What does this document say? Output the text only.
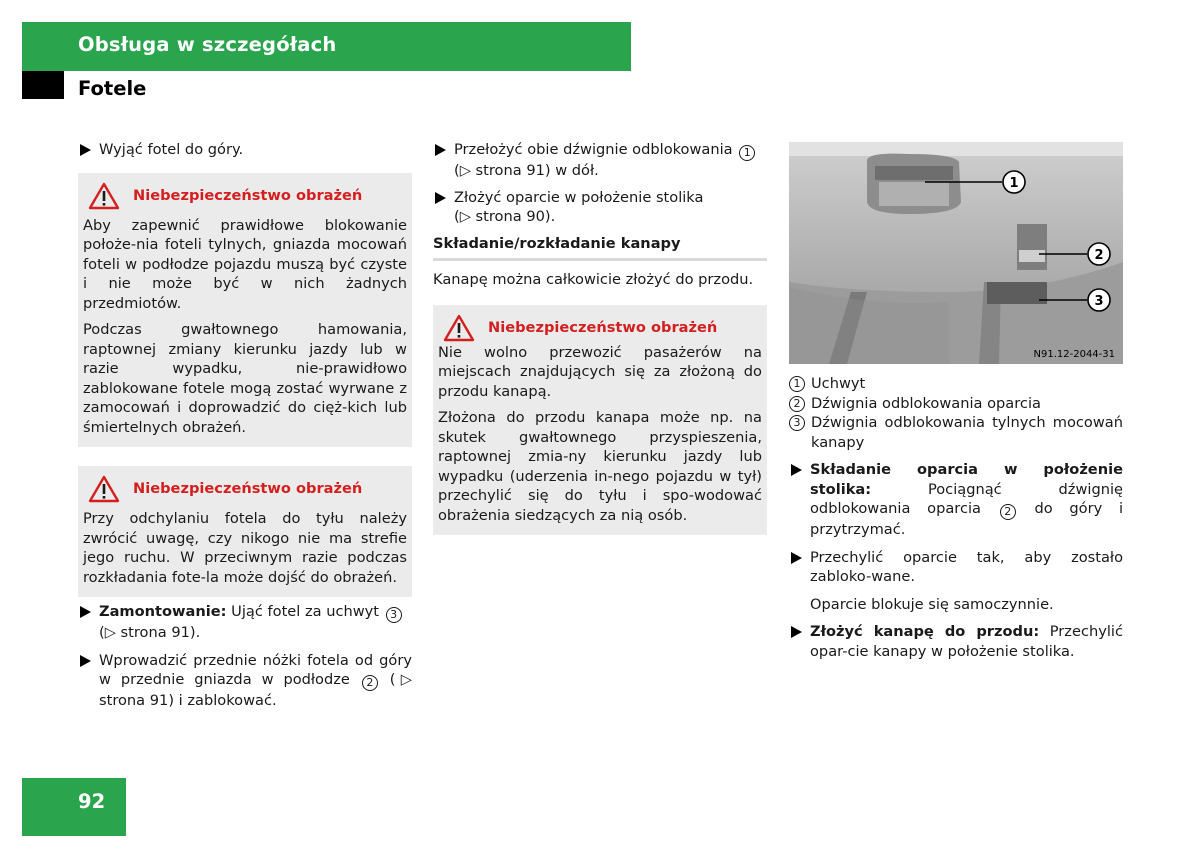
Obsługa w szczegółach
Fotele

Wyjąć fotel do góry.

Niebezpieczeństwo obrażeń

Aby zapewnić prawidłowe blokowanie położe-nia foteli tylnych, gniazda mocowań foteli w podłodze pojazdu muszą być czyste i nie może być w nich żadnych przedmiotów.

Podczas gwałtownego hamowania, raptownej zmiany kierunku jazdy lub w razie wypadku, nie-prawidłowo zablokowane fotele mogą zostać wyrwane z zamocowań i doprowadzić do cięż-kich lub śmiertelnych obrażeń.

Niebezpieczeństwo obrażeń

Przy odchylaniu fotela do tyłu należy zwrócić uwagę, czy nikogo nie ma strefie jego ruchu. W przeciwnym razie podczas rozkładania fote-la może dojść do obrażeń.

Zamontowanie: Ująć fotel za uchwyt 3
(▷ strona 91).

Wprowadzić przednie nóżki fotela od góry w przednie gniazda w podłodze 2 (▷ strona 91) i zablokować.

Przełożyć obie dźwignie odblokowania 1
(▷ strona 91) w dół.

Złożyć oparcie w położenie stolika
(▷ strona 90).

Składanie/rozkładanie kanapy

Kanapę można całkowicie złożyć do przodu.

Niebezpieczeństwo obrażeń

Nie wolno przewozić pasażerów na miejscach znajdujących się za złożoną do przodu kanapą.

Złożona do przodu kanapa może np. na skutek gwałtownego przyspieszenia, raptownej zmia-ny kierunku jazdy lub wypadku (uderzenia in-nego pojazdu w tył) przechylić się do tyłu i spo-wodować obrażenia siedzących za nią osób.

1
2
3
N91.12-2044-31
1 Uchwyt
2 Dźwignia odblokowania oparcia
3 Dźwignia odblokowania tylnych mocowań kanapy

Składanie oparcia w położenie stolika:	Pociągnąć dźwignię odblokowania oparcia 2 do góry i przytrzymać.

Przechylić oparcie tak, aby zostało zabloko-wane.

Oparcie blokuje się samoczynnie.

Złożyć kanapę do przodu: Przechylić opar-cie kanapy w położenie stolika.

92
